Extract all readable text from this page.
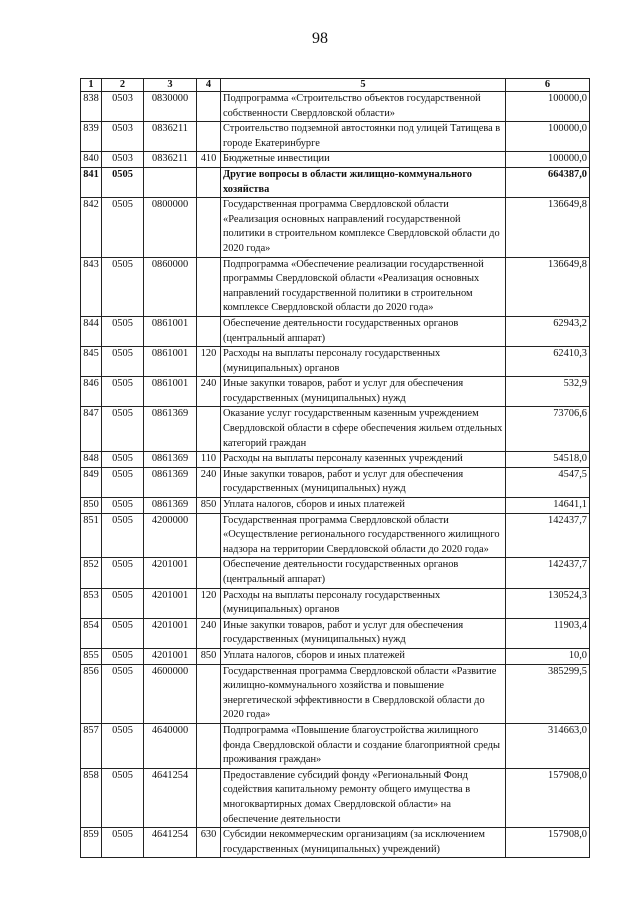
98
1	2	3	4	5	6
838	0503	0830000		Подпрограмма «Строительство объектов государственной собственности Свердловской области»	100000,0
839	0503	0836211		Строительство подземной автостоянки под улицей Татищева в городе Екатеринбурге	100000,0
840	0503	0836211	410	Бюджетные инвестиции	100000,0
841	0505			Другие вопросы в области жилищно-коммунального хозяйства	664387,0
842	0505	0800000		Государственная программа Свердловской области «Реализация основных направлений государственной политики в строительном комплексе Свердловской области до 2020 года»	136649,8
843	0505	0860000		Подпрограмма «Обеспечение реализации государственной программы Свердловской области «Реализация основных направлений государственной политики в строительном комплексе Свердловской области до 2020 года»	136649,8
844	0505	0861001		Обеспечение деятельности государственных органов (центральный аппарат)	62943,2
845	0505	0861001	120	Расходы на выплаты персоналу государственных (муниципальных) органов	62410,3
846	0505	0861001	240	Иные закупки товаров, работ и услуг для обеспечения государственных (муниципальных) нужд	532,9
847	0505	0861369		Оказание услуг государственным казенным учреждением Свердловской области в сфере обеспечения жильем отдельных категорий граждан	73706,6
848	0505	0861369	110	Расходы на выплаты персоналу казенных учреждений	54518,0
849	0505	0861369	240	Иные закупки товаров, работ и услуг для обеспечения государственных (муниципальных) нужд	4547,5
850	0505	0861369	850	Уплата налогов, сборов и иных платежей	14641,1
851	0505	4200000		Государственная программа Свердловской области «Осуществление регионального государственного жилищного надзора на территории Свердловской области до 2020 года»	142437,7
852	0505	4201001		Обеспечение деятельности государственных органов (центральный аппарат)	142437,7
853	0505	4201001	120	Расходы на выплаты персоналу государственных (муниципальных) органов	130524,3
854	0505	4201001	240	Иные закупки товаров, работ и услуг для обеспечения государственных (муниципальных) нужд	11903,4
855	0505	4201001	850	Уплата налогов, сборов и иных платежей	10,0
856	0505	4600000		Государственная программа Свердловской области «Развитие жилищно-коммунального хозяйства и повышение энергетической эффективности в Свердловской области до 2020 года»	385299,5
857	0505	4640000		Подпрограмма «Повышение благоустройства жилищного фонда Свердловской области и создание благоприятной среды проживания граждан»	314663,0
858	0505	4641254		Предоставление субсидий фонду «Региональный Фонд содействия капитальному ремонту общего имущества в многоквартирных домах Свердловской области» на обеспечение деятельности	157908,0
859	0505	4641254	630	Субсидии некоммерческим организациям (за исключением государственных (муниципальных) учреждений)	157908,0
